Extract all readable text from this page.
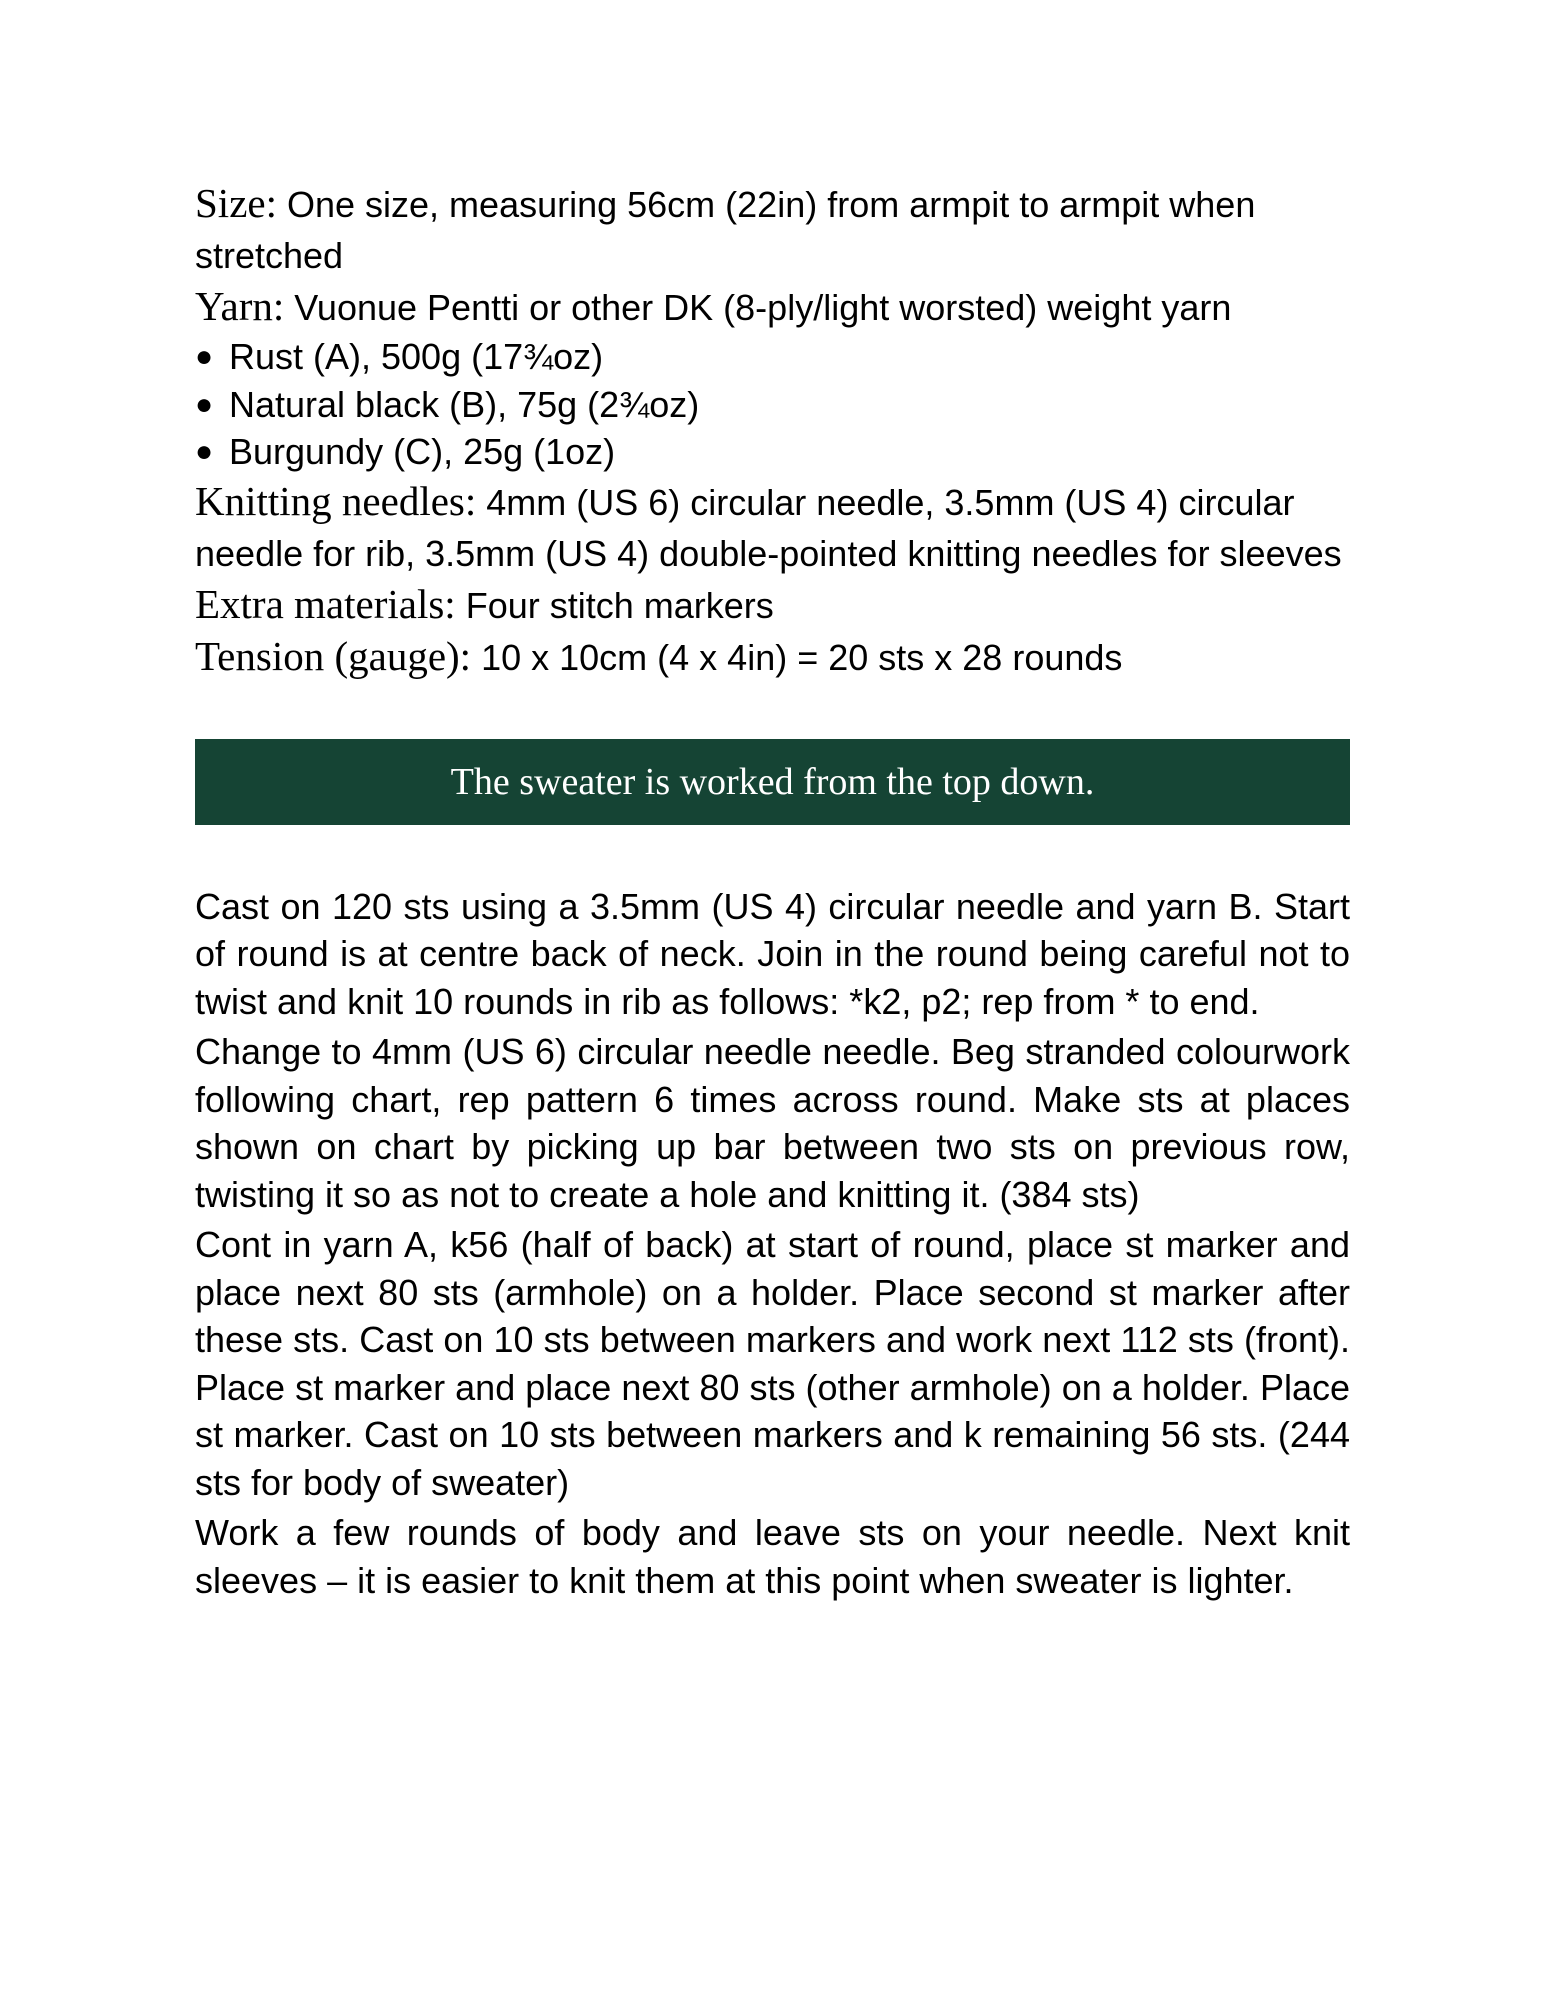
Size: One size, measuring 56cm (22in) from armpit to armpit when stretched

Yarn: Vuonue Pentti or other DK (8-ply/light worsted) weight yarn

● Rust (A), 500g (17¾oz)
● Natural black (B), 75g (2¾oz)
● Burgundy (C), 25g (1oz)

Knitting needles: 4mm (US 6) circular needle, 3.5mm (US 4) circular needle for rib, 3.5mm (US 4) double-pointed knitting needles for sleeves

Extra materials: Four stitch markers

Tension (gauge): 10 x 10cm (4 x 4in) = 20 sts x 28 rounds

The sweater is worked from the top down.

Cast on 120 sts using a 3.5mm (US 4) circular needle and yarn B. Start of round is at centre back of neck. Join in the round being careful not to twist and knit 10 rounds in rib as follows: *k2, p2; rep from * to end.

Change to 4mm (US 6) circular needle needle. Beg stranded colourwork following chart, rep pattern 6 times across round. Make sts at places shown on chart by picking up bar between two sts on previous row, twisting it so as not to create a hole and knitting it. (384 sts)

Cont in yarn A, k56 (half of back) at start of round, place st marker and place next 80 sts (armhole) on a holder. Place second st marker after these sts. Cast on 10 sts between markers and work next 112 sts (front). Place st marker and place next 80 sts (other armhole) on a holder. Place st marker. Cast on 10 sts between markers and k remaining 56 sts. (244 sts for body of sweater)

Work a few rounds of body and leave sts on your needle. Next knit sleeves – it is easier to knit them at this point when sweater is lighter.
